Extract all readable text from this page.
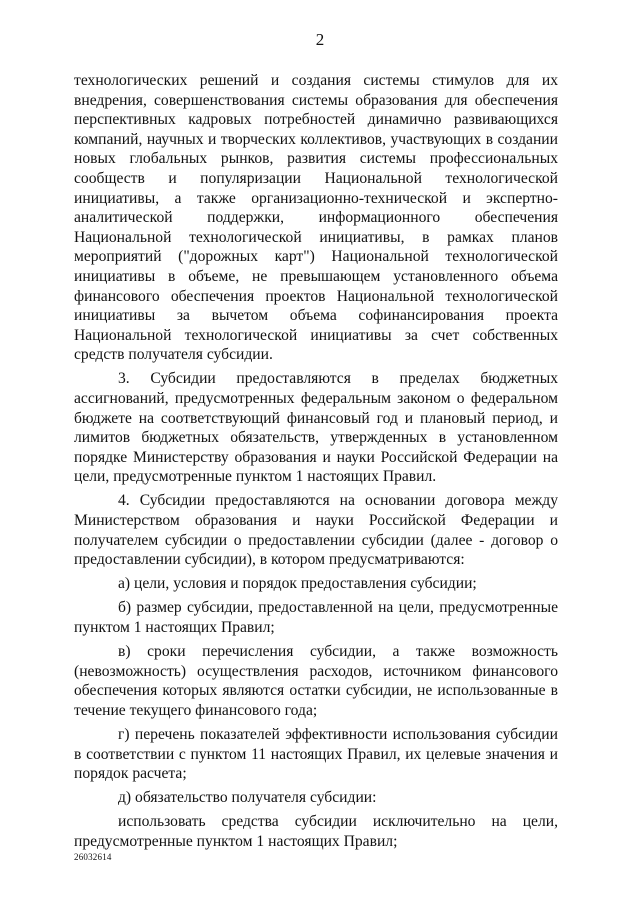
2

технологических решений и создания системы стимулов для их внедрения, совершенствования системы образования для обеспечения перспективных кадровых потребностей динамично развивающихся компаний, научных и творческих коллективов, участвующих в создании новых глобальных рынков, развития системы профессиональных сообществ и популяризации Национальной технологической инициативы, а также организационно-технической и экспертно-аналитической поддержки, информационного обеспечения Национальной технологической инициативы, в рамках планов мероприятий ("дорожных карт") Национальной технологической инициативы в объеме, не превышающем установленного объема финансового обеспечения проектов Национальной технологической инициативы за вычетом объема софинансирования проекта Национальной технологической инициативы за счет собственных средств получателя субсидии.

3. Субсидии предоставляются в пределах бюджетных ассигнований, предусмотренных федеральным законом о федеральном бюджете на соответствующий финансовый год и плановый период, и лимитов бюджетных обязательств, утвержденных в установленном порядке Министерству образования и науки Российской Федерации на цели, предусмотренные пунктом 1 настоящих Правил.

4. Субсидии предоставляются на основании договора между Министерством образования и науки Российской Федерации и получателем субсидии о предоставлении субсидии (далее - договор о предоставлении субсидии), в котором предусматриваются:

а) цели, условия и порядок предоставления субсидии;

б) размер субсидии, предоставленной на цели, предусмотренные пунктом 1 настоящих Правил;

в) сроки перечисления субсидии, а также возможность (невозможность) осуществления расходов, источником финансового обеспечения которых являются остатки субсидии, не использованные в течение текущего финансового года;

г) перечень показателей эффективности использования субсидии в соответствии с пунктом 11 настоящих Правил, их целевые значения и порядок расчета;

д) обязательство получателя субсидии:

использовать средства субсидии исключительно на цели, предусмотренные пунктом 1 настоящих Правил;

26032614
